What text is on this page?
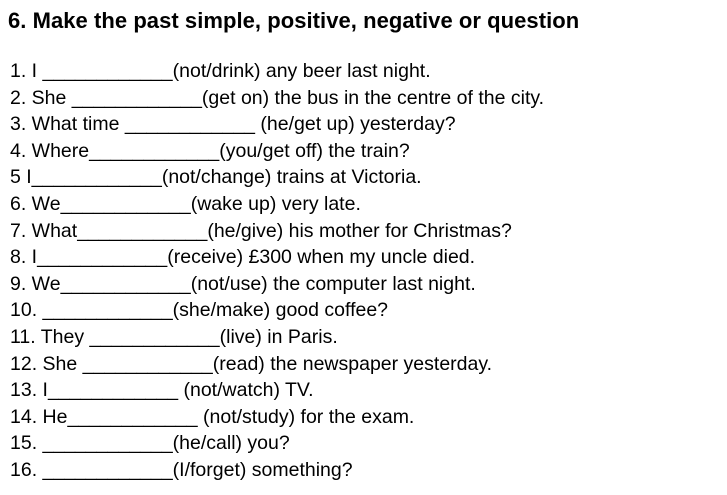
6. Make the past simple, positive, negative or question
1. I ____________(not/drink) any beer last night.
2. She ____________(get on) the bus in the centre of the city.
3. What time ____________ (he/get up) yesterday?
4. Where____________(you/get off) the train?
5 I____________(not/change) trains at Victoria.
6. We____________(wake up) very late.
7. What____________(he/give) his mother for Christmas?
8. I____________(receive) £300 when my uncle died.
9. We____________(not/use) the computer last night.
10. ____________(she/make) good coffee?
11. They ____________(live) in Paris.
12. She ____________(read) the newspaper yesterday.
13. I____________ (not/watch) TV.
14. He____________ (not/study) for the exam.
15. ____________(he/call) you?
16. ____________(I/forget) something?
